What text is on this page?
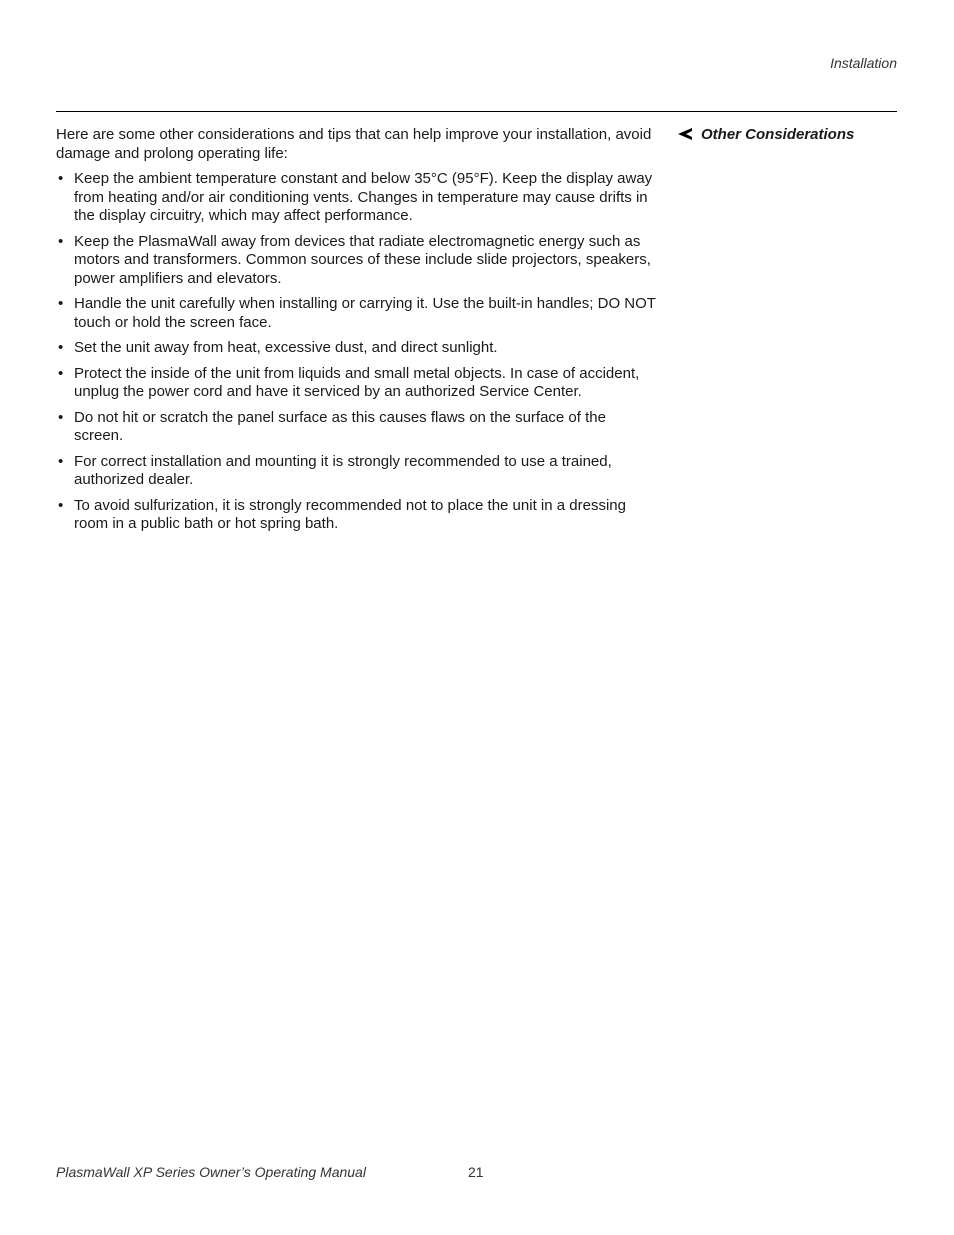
Installation
Other Considerations

Here are some other considerations and tips that can help improve your installation, avoid damage and prolong operating life:

• Keep the ambient temperature constant and below 35°C (95°F). Keep the display away from heating and/or air conditioning vents. Changes in temperature may cause drifts in the display circuitry, which may affect performance.
• Keep the PlasmaWall away from devices that radiate electromagnetic energy such as motors and transformers. Common sources of these include slide projectors, speakers, power amplifiers and elevators.
• Handle the unit carefully when installing or carrying it. Use the built-in handles; DO NOT touch or hold the screen face.
• Set the unit away from heat, excessive dust, and direct sunlight.
• Protect the inside of the unit from liquids and small metal objects. In case of accident, unplug the power cord and have it serviced by an authorized Service Center.
• Do not hit or scratch the panel surface as this causes flaws on the surface of the screen.
• For correct installation and mounting it is strongly recommended to use a trained, authorized dealer.
• To avoid sulfurization, it is strongly recommended not to place the unit in a dressing room in a public bath or hot spring bath.
PlasmaWall XP Series Owner’s Operating Manual	21
